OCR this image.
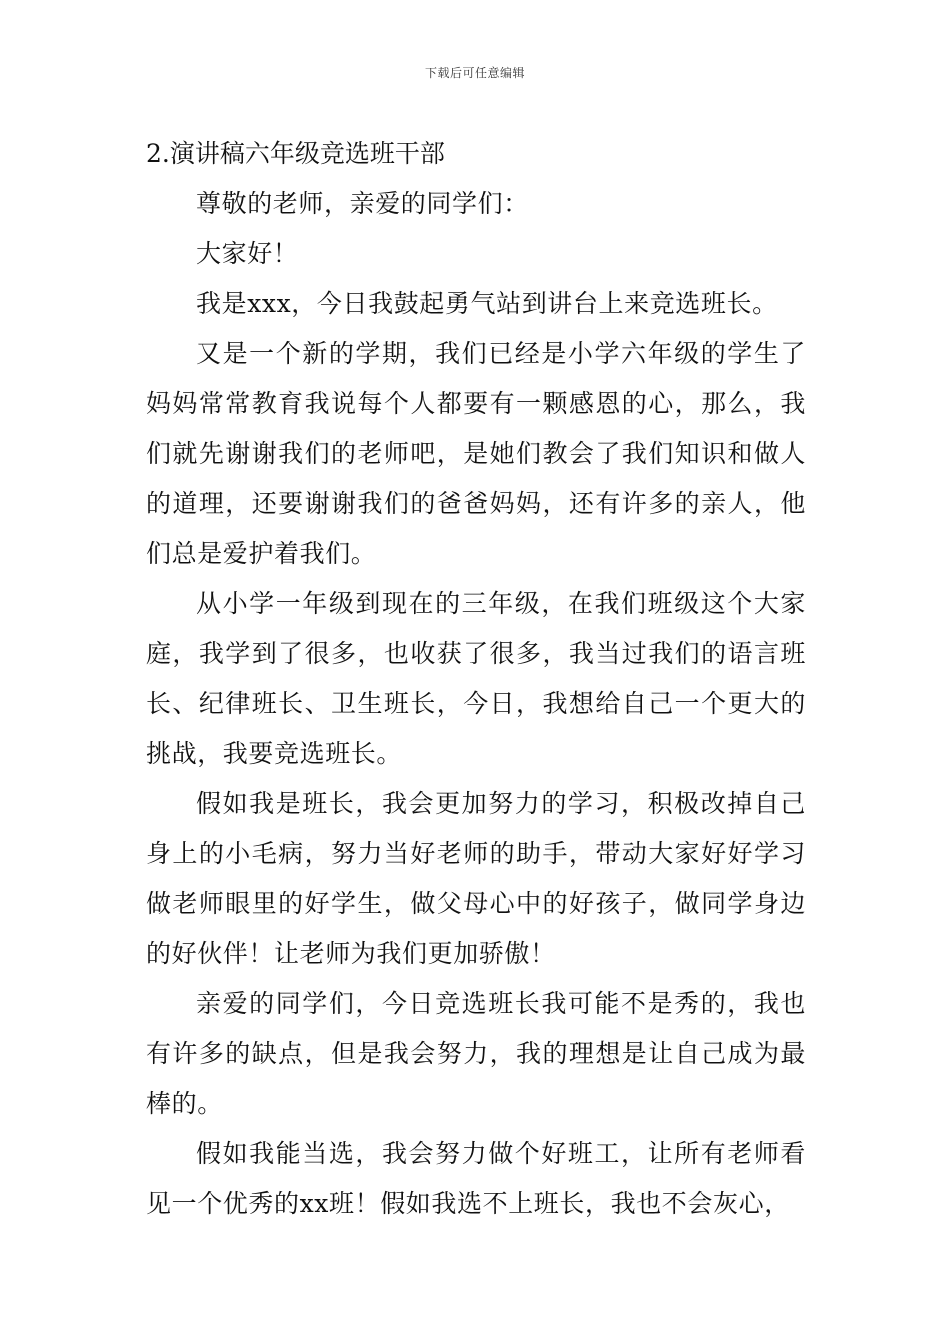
下载后可任意编辑
2.演讲稿六年级竞选班干部

尊敬的老师，亲爱的同学们：

大家好！

我是xxx，今日我鼓起勇气站到讲台上来竞选班长。

又是一个新的学期，我们已经是小学六年级的学生了妈妈常常教育我说每个人都要有一颗感恩的心，那么，我们就先谢谢我们的老师吧，是她们教会了我们知识和做人的道理，还要谢谢我们的爸爸妈妈，还有许多的亲人，他们总是爱护着我们。

从小学一年级到现在的三年级，在我们班级这个大家庭，我学到了很多，也收获了很多，我当过我们的语言班长、纪律班长、卫生班长，今日，我想给自己一个更大的挑战，我要竞选班长。

假如我是班长，我会更加努力的学习，积极改掉自己身上的小毛病，努力当好老师的助手，带动大家好好学习做老师眼里的好学生，做父母心中的好孩子，做同学身边的好伙伴！让老师为我们更加骄傲！

亲爱的同学们，今日竞选班长我可能不是秀的，我也有许多的缺点，但是我会努力，我的理想是让自己成为最棒的。

假如我能当选，我会努力做个好班工，让所有老师看见一个优秀的xx班！假如我选不上班长，我也不会灰心，
